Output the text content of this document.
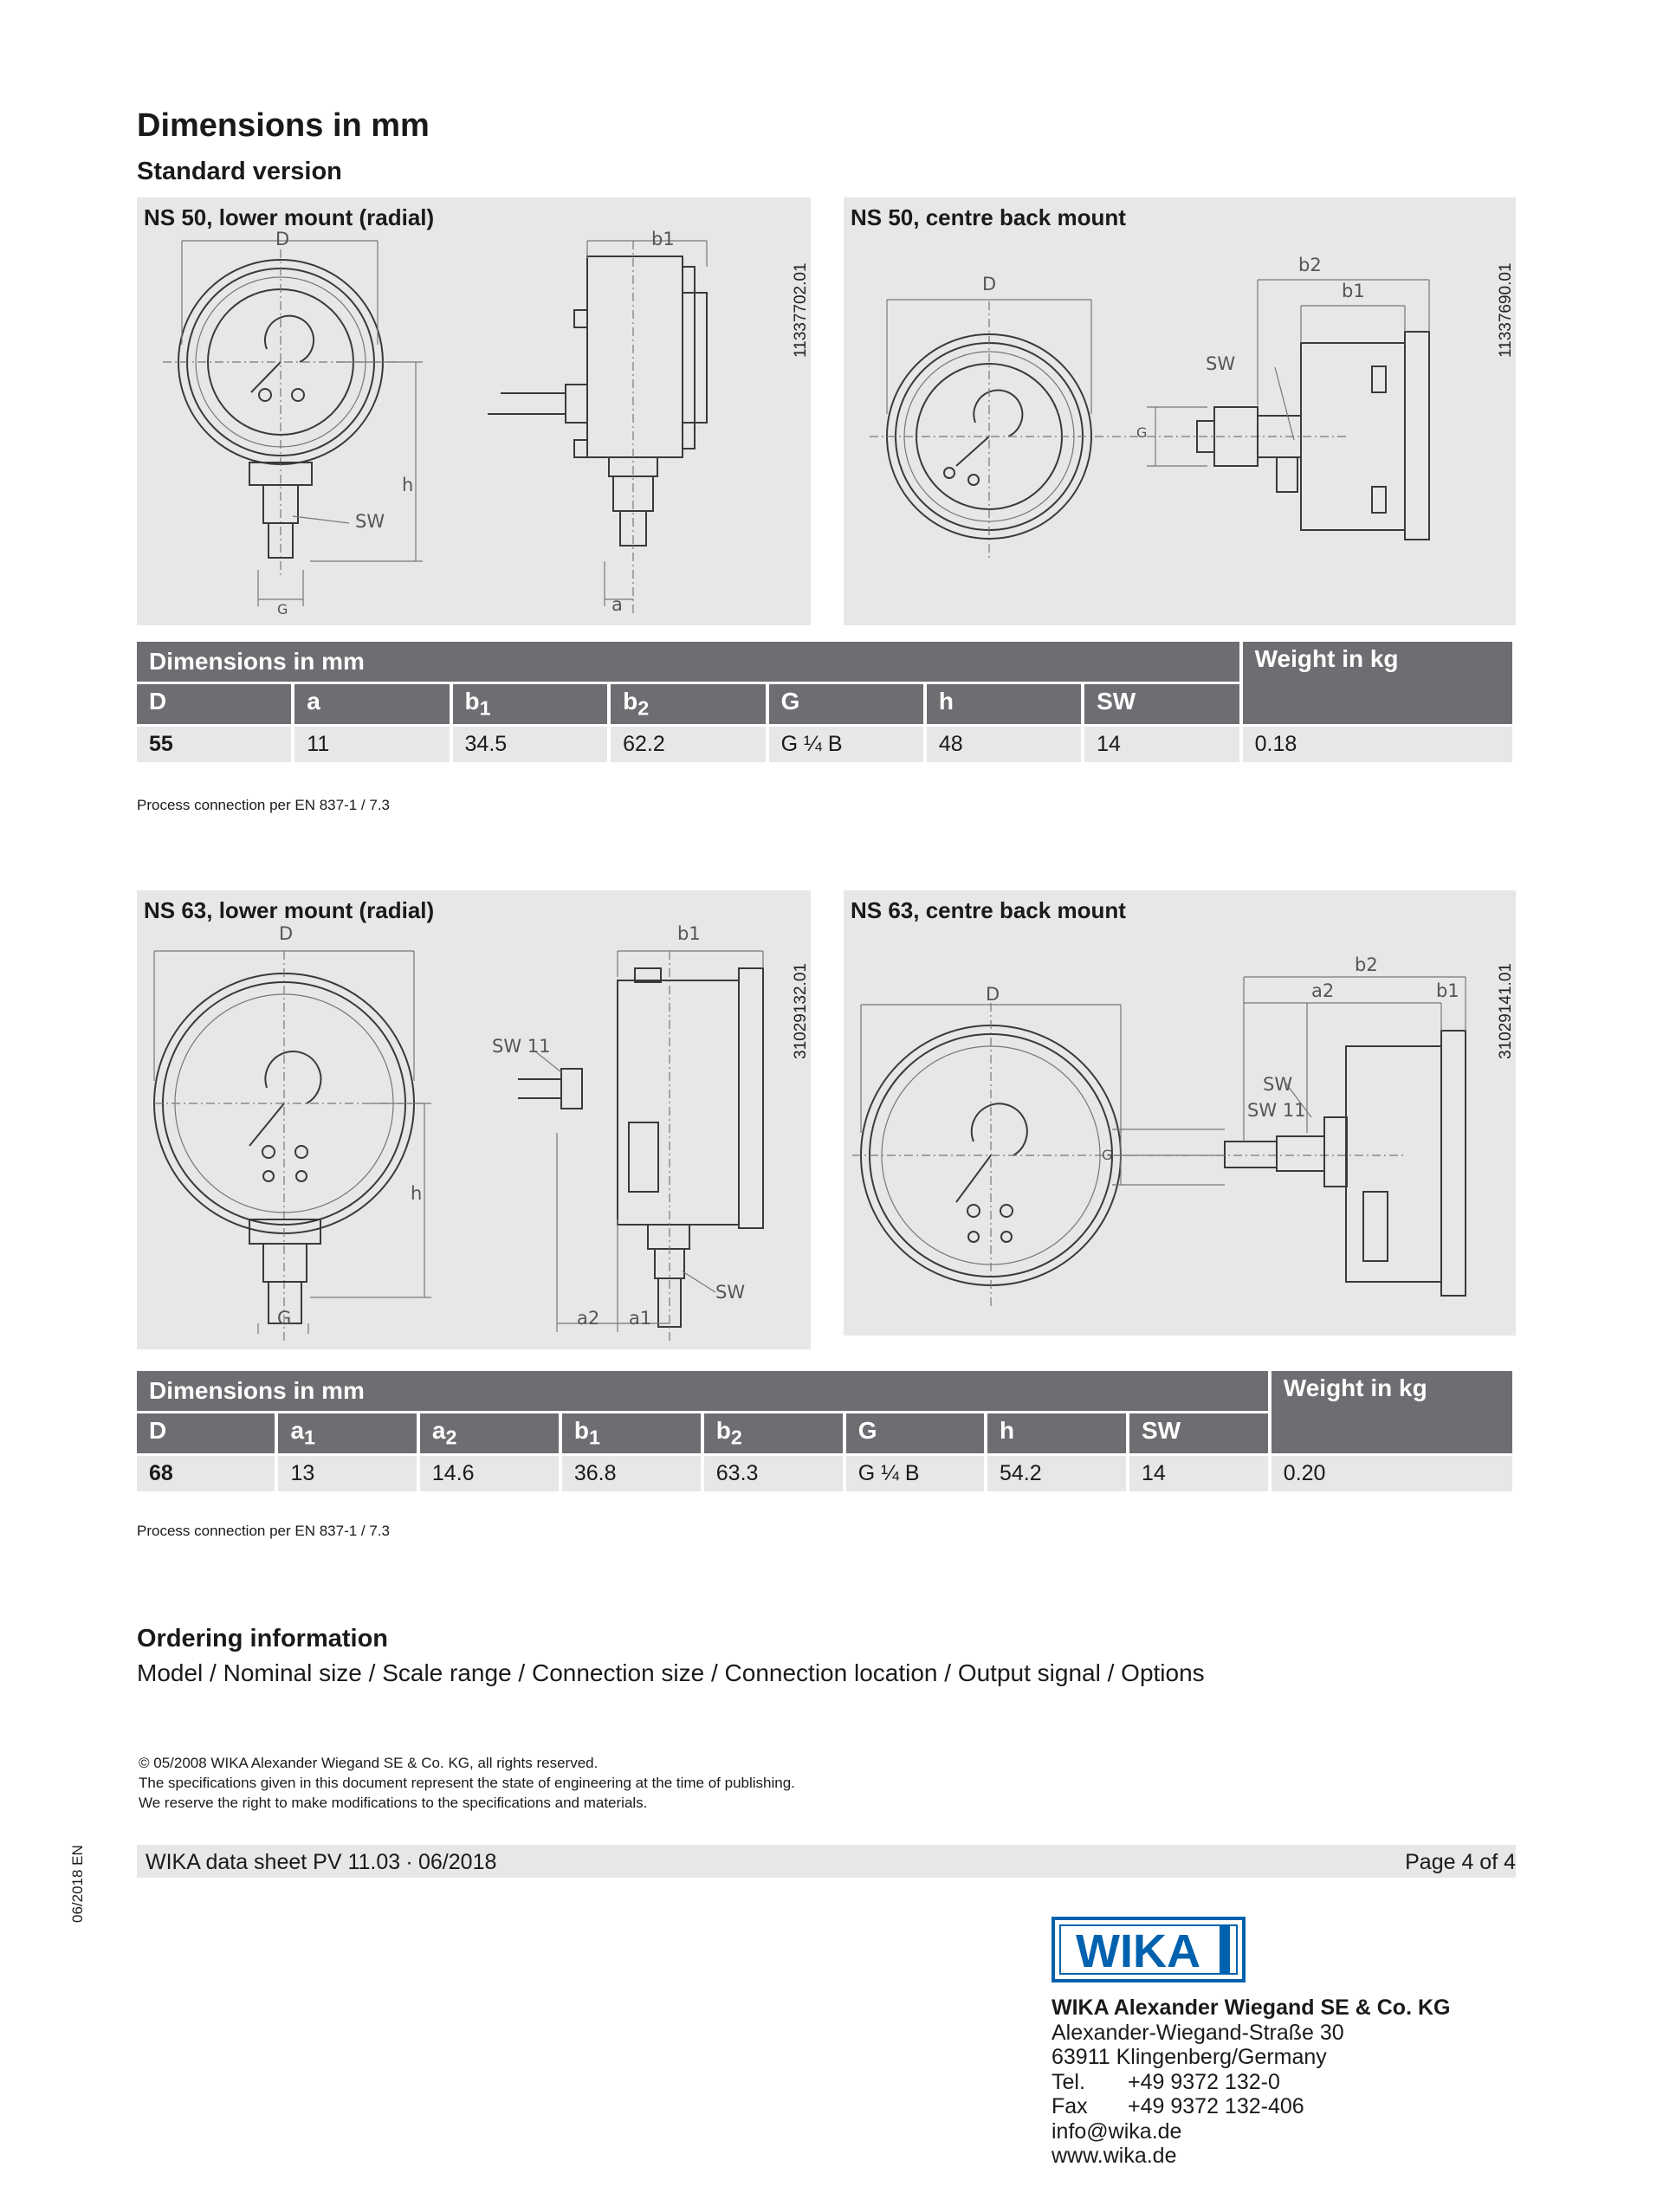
Dimensions in mm
Standard version
NS 50, lower mount (radial)
11337702.01
D	b1
h
SW
G	a
NS 50, centre back mount
11337690.01
D
b2
b1
SW
G
Dimensions in mm							Weight in kg
D	a	$b_1$	$b_2$	G	h	SW	
55	11	34.5	62.2	G ¼ B	48	14	0.18
Process connection per EN 837-1 / 7.3
NS 63, lower mount (radial)
31029132.01
D	b1
SW 11
h
SW
G	a2 a1
NS 63, centre back mount
31029141.01
D
b2
a2	b1
SW
SW 11
G
Dimensions in mm								Weight in kg
D	$a_1$	$a_2$	$b_1$	$b_2$	G	h	SW	
68	13	14.6	36.8	63.3	G ¼ B	54.2	14	0.20
Process connection per EN 837-1 / 7.3
Ordering information
Model / Nominal size / Scale range / Connection size / Connection location / Output signal / Options
© 05/2008 WIKA Alexander Wiegand SE & Co. KG, all rights reserved.
The specifications given in this document represent the state of engineering at the time of publishing.
We reserve the right to make modifications to the specifications and materials.
WIKA data sheet PV 11.03 ∙ 06/2018	Page 4 of 4
06/2018 EN
WIKA
WIKA Alexander Wiegand SE & Co. KG
Alexander-Wiegand-Straße 30
63911 Klingenberg/Germany
Tel. +49 9372 132-0
Fax +49 9372 132-406
info@wika.de
www.wika.de
